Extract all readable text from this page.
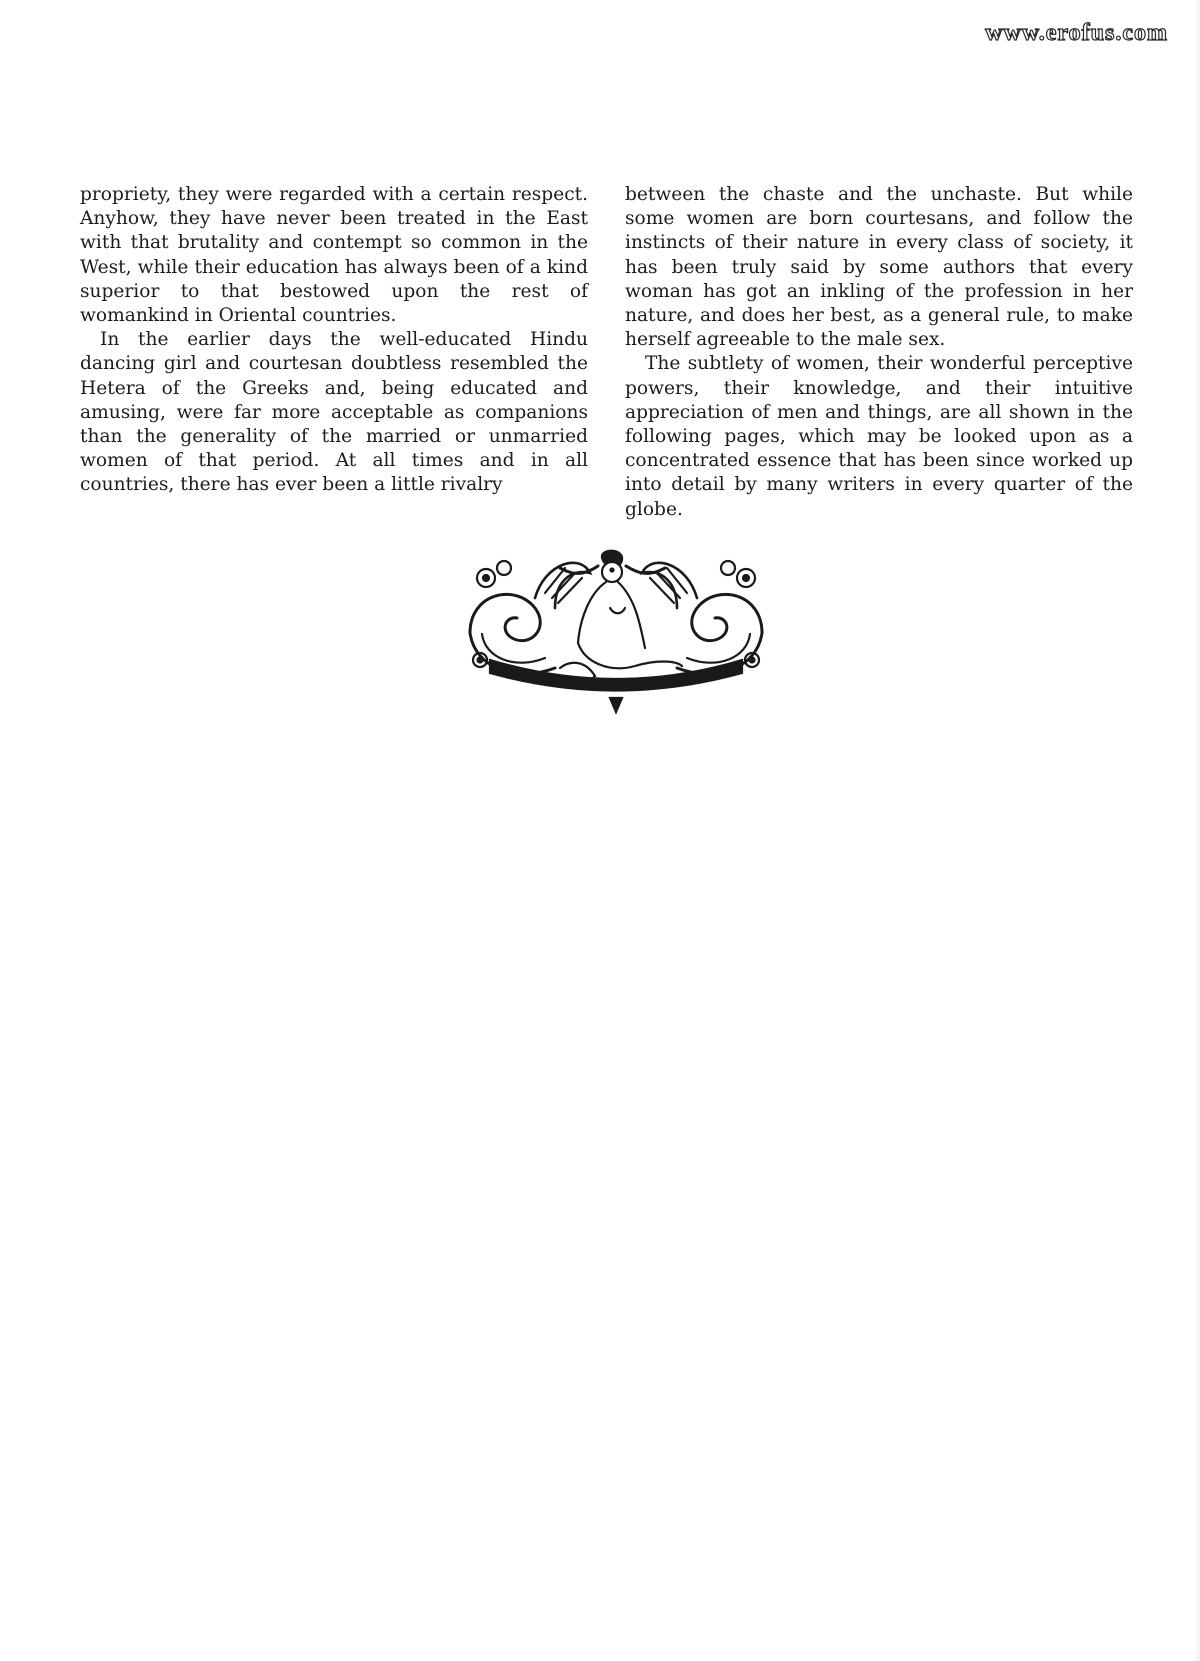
www.erofus.com

propriety, they were regarded with a certain respect. Anyhow, they have never been treated in the East with that brutality and contempt so common in the West, while their education has always been of a kind superior to that bestowed upon the rest of womankind in Oriental countries.

In the earlier days the well-educated Hindu dancing girl and courtesan doubtless resembled the Hetera of the Greeks and, being educated and amusing, were far more acceptable as companions than the generality of the married or unmarried women of that period. At all times and in all countries, there has ever been a little rivalry

between the chaste and the unchaste. But while some women are born courtesans, and follow the instincts of their nature in every class of society, it has been truly said by some authors that every woman has got an inkling of the profession in her nature, and does her best, as a general rule, to make herself agreeable to the male sex.

The subtlety of women, their wonderful perceptive powers, their knowledge, and their intuitive appreciation of men and things, are all shown in the following pages, which may be looked upon as a concentrated essence that has been since worked up into detail by many writers in every quarter of the globe.
